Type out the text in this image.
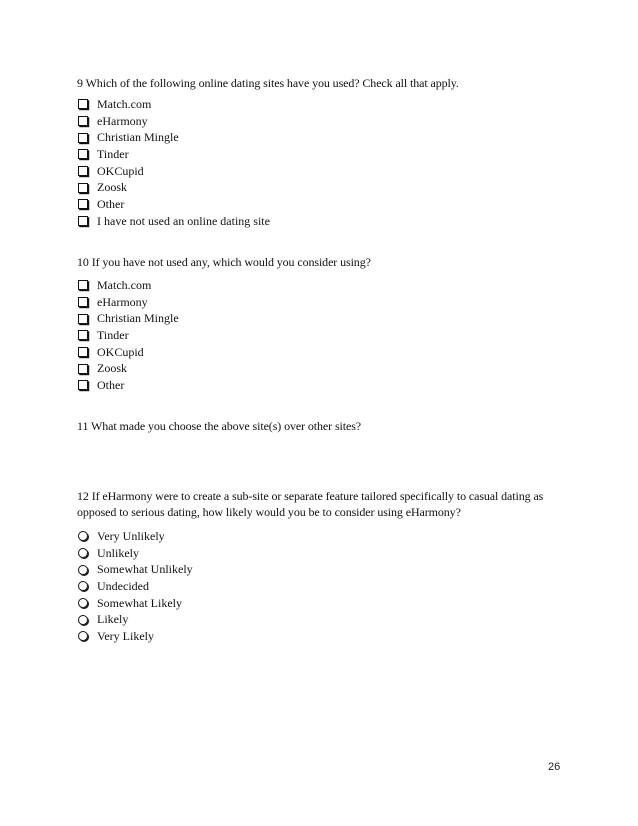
9 Which of the following online dating sites have you used? Check all that apply.
Match.com
eHarmony
Christian Mingle
Tinder
OKCupid
Zoosk
Other
I have not used an online dating site
10 If you have not used any, which would you consider using?
Match.com
eHarmony
Christian Mingle
Tinder
OKCupid
Zoosk
Other
11 What made you choose the above site(s) over other sites?
12 If eHarmony were to create a sub-site or separate feature tailored specifically to casual dating as opposed to serious dating, how likely would you be to consider using eHarmony?
Very Unlikely
Unlikely
Somewhat Unlikely
Undecided
Somewhat Likely
Likely
Very Likely
26
